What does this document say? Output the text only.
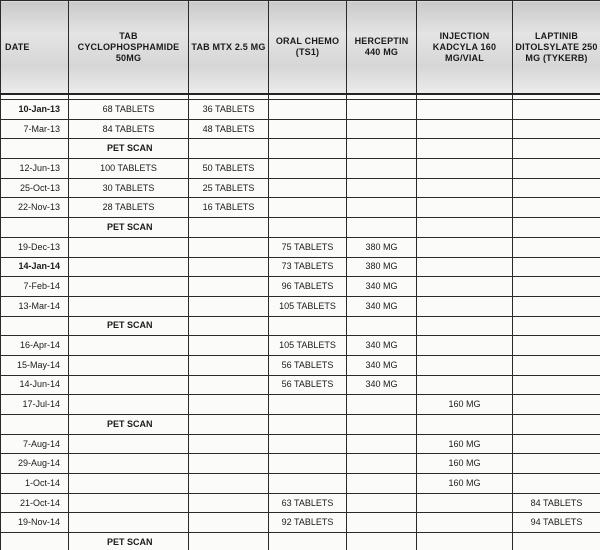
DATE	TAB CYCLOPHOSPHAMIDE 50MG	TAB MTX 2.5 MG	ORAL CHEMO (TS1)	HERCEPTIN 440 MG	INJECTION KADCYLA 160 MG/VIAL	LAPTINIB DITOLSYLATE 250 MG (TYKERB)

10-Jan-13	68 TABLETS	36 TABLETS				
7-Mar-13	84 TABLETS	48 TABLETS				
	PET SCAN					
12-Jun-13	100 TABLETS	50 TABLETS				
25-Oct-13	30 TABLETS	25 TABLETS				
22-Nov-13	28 TABLETS	16 TABLETS				
	PET SCAN					
19-Dec-13			75 TABLETS	380 MG		
14-Jan-14			73 TABLETS	380 MG		
7-Feb-14			96 TABLETS	340 MG		
13-Mar-14			105 TABLETS	340 MG		
	PET SCAN					
16-Apr-14			105 TABLETS	340 MG		
15-May-14			56 TABLETS	340 MG		
14-Jun-14			56 TABLETS	340 MG		
17-Jul-14					160 MG	
	PET SCAN					
7-Aug-14					160 MG	
29-Aug-14					160 MG	
1-Oct-14					160 MG	
21-Oct-14			63 TABLETS			84 TABLETS
19-Nov-14			92 TABLETS			94 TABLETS
	PET SCAN					
